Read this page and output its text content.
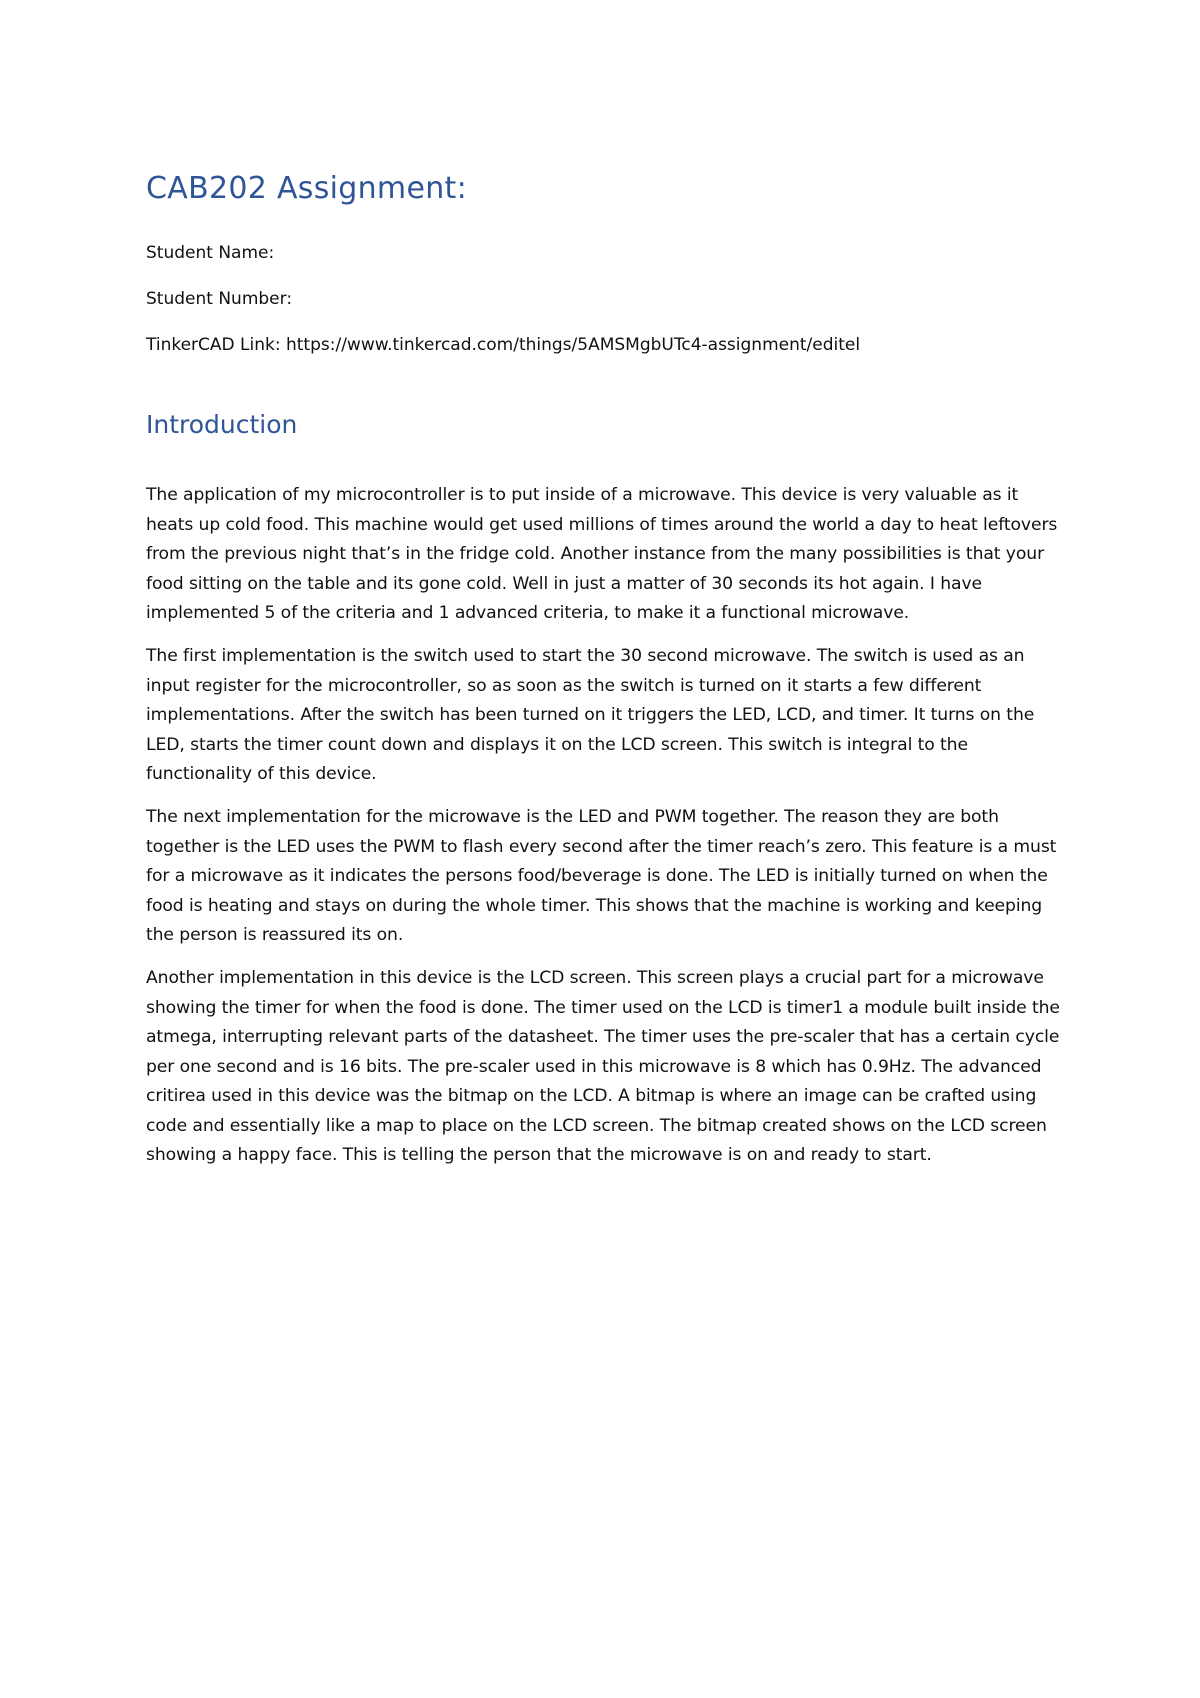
CAB202 Assignment:

Student Name:

Student Number:

TinkerCAD Link: https://www.tinkercad.com/things/5AMSMgbUTc4-assignment/editel

Introduction

The application of my microcontroller is to put inside of a microwave. This device is very valuable as it heats up cold food. This machine would get used millions of times around the world a day to heat leftovers from the previous night that’s in the fridge cold. Another instance from the many possibilities is that your food sitting on the table and its gone cold. Well in just a matter of 30 seconds its hot again. I have implemented 5 of the criteria and 1 advanced criteria, to make it a functional microwave.

The first implementation is the switch used to start the 30 second microwave. The switch is used as an input register for the microcontroller, so as soon as the switch is turned on it starts a few different implementations. After the switch has been turned on it triggers the LED, LCD, and timer. It turns on the LED, starts the timer count down and displays it on the LCD screen. This switch is integral to the functionality of this device.

The next implementation for the microwave is the LED and PWM together. The reason they are both together is the LED uses the PWM to flash every second after the timer reach’s zero. This feature is a must for a microwave as it indicates the persons food/beverage is done. The LED is initially turned on when the food is heating and stays on during the whole timer. This shows that the machine is working and keeping the person is reassured its on.

Another implementation in this device is the LCD screen. This screen plays a crucial part for a microwave showing the timer for when the food is done. The timer used on the LCD is timer1 a module built inside the atmega, interrupting relevant parts of the datasheet. The timer uses the pre-scaler that has a certain cycle per one second and is 16 bits. The pre-scaler used in this microwave is 8 which has 0.9Hz. The advanced critirea used in this device was the bitmap on the LCD. A bitmap is where an image can be crafted using code and essentially like a map to place on the LCD screen. The bitmap created shows on the LCD screen showing a happy face. This is telling the person that the microwave is on and ready to start.
